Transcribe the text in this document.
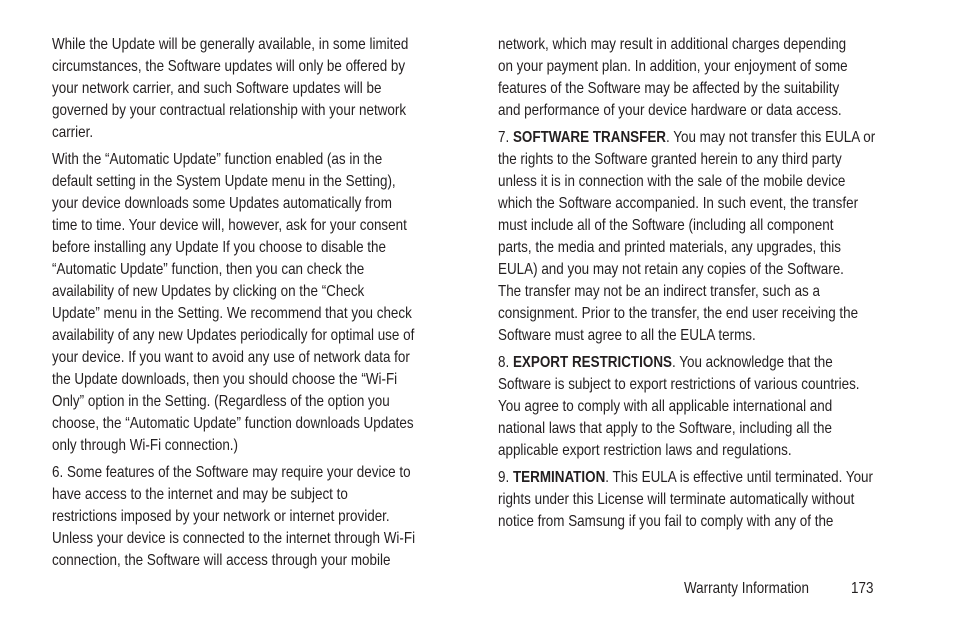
While the Update will be generally available, in some limited
circumstances, the Software updates will only be offered by
your network carrier, and such Software updates will be
governed by your contractual relationship with your network
carrier.
With the “Automatic Update” function enabled (as in the
default setting in the System Update menu in the Setting),
your device downloads some Updates automatically from
time to time. Your device will, however, ask for your consent
before installing any Update If you choose to disable the
“Automatic Update” function, then you can check the
availability of new Updates by clicking on the “Check
Update” menu in the Setting. We recommend that you check
availability of any new Updates periodically for optimal use of
your device. If you want to avoid any use of network data for
the Update downloads, then you should choose the “Wi-Fi
Only” option in the Setting. (Regardless of the option you
choose, the “Automatic Update” function downloads Updates
only through Wi-Fi connection.)
6. Some features of the Software may require your device to
have access to the internet and may be subject to
restrictions imposed by your network or internet provider.
Unless your device is connected to the internet through Wi-Fi
connection, the Software will access through your mobile
network, which may result in additional charges depending
on your payment plan. In addition, your enjoyment of some
features of the Software may be affected by the suitability
and performance of your device hardware or data access.
7. SOFTWARE TRANSFER. You may not transfer this EULA or
the rights to the Software granted herein to any third party
unless it is in connection with the sale of the mobile device
which the Software accompanied. In such event, the transfer
must include all of the Software (including all component
parts, the media and printed materials, any upgrades, this
EULA) and you may not retain any copies of the Software.
The transfer may not be an indirect transfer, such as a
consignment. Prior to the transfer, the end user receiving the
Software must agree to all the EULA terms.
8. EXPORT RESTRICTIONS. You acknowledge that the
Software is subject to export restrictions of various countries.
You agree to comply with all applicable international and
national laws that apply to the Software, including all the
applicable export restriction laws and regulations.
9. TERMINATION. This EULA is effective until terminated. Your
rights under this License will terminate automatically without
notice from Samsung if you fail to comply with any of the
Warranty Information	173
